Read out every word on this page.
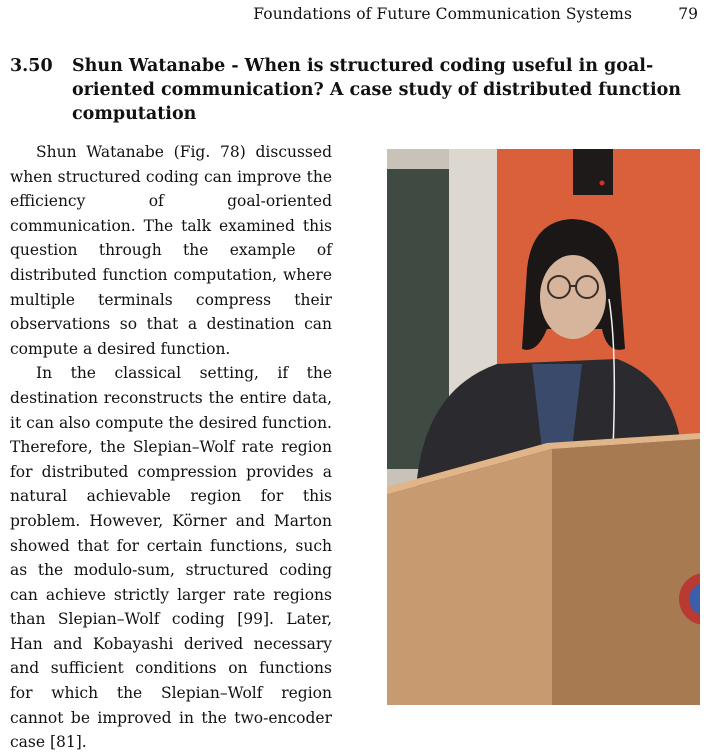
Foundations of Future Communication Systems	79
3.50 Shun Watanabe - When is structured coding useful in goal-oriented communication? A case study of distributed function computation

Shun Watanabe (Fig. 78) discussed when structured coding can improve the efficiency of goal-oriented communication. The talk examined this question through the example of distributed function computation, where multiple terminals compress their observations so that a destination can compute a desired function.

In the classical setting, if the destination reconstructs the entire data, it can also compute the desired function. Therefore, the Slepian–Wolf rate region for distributed compression provides a natural achievable region for this problem. However, Körner and Marton showed that for certain functions, such as the modulo-sum, structured coding can achieve strictly larger rate regions than Slepian–Wolf coding [99]. Later, Han and Kobayashi derived necessary and sufficient conditions on functions for which the Slepian–Wolf region cannot be improved in the two-encoder case [81].
